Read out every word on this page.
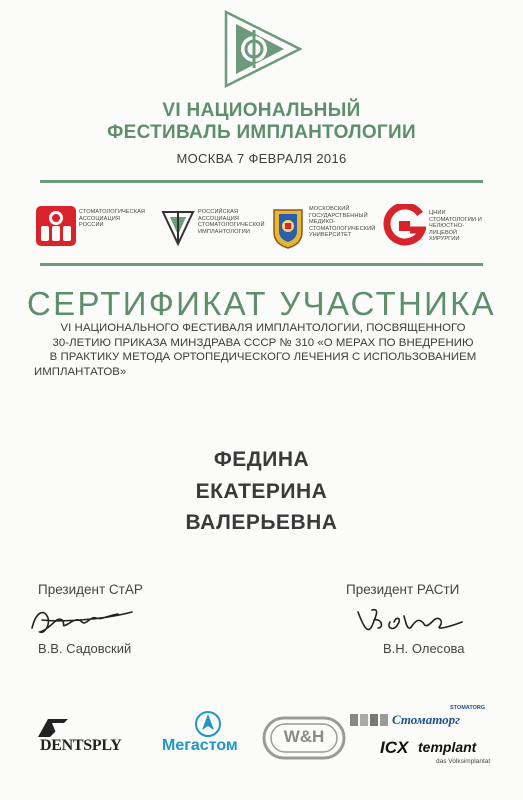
VI НАЦИОНАЛЬНЫЙ
ФЕСТИВАЛЬ ИМПЛАНТОЛОГИИ
МОСКВА 7 ФЕВРАЛЯ 2016
СТОМАТОЛОГИЧЕСКАЯ
АССОЦИАЦИЯ
РОССИИ
РОССИЙСКАЯ
АССОЦИАЦИЯ
СТОМАТОЛОГИЧЕСКОЙ
ИМПЛАНТОЛОГИИ
МОСКОВСКИЙ
ГОСУДАРСТВЕННЫЙ
МЕДИКО-
СТОМАТОЛОГИЧЕСКИЙ
УНИВЕРСИТЕТ
ЦНИИ
СТОМАТОЛОГИИ И
ЧЕЛЮСТНО-ЛИЦЕВОЙ
ХИРУРГИИ
СЕРТИФИКАТ УЧАСТНИКА
VI НАЦИОНАЛЬНОГО ФЕСТИВАЛЯ ИМПЛАНТОЛОГИИ, ПОСВЯЩЕННОГО
30-ЛЕТИЮ ПРИКАЗА МИНЗДРАВА СССР № 310 «О МЕРАХ ПО ВНЕДРЕНИЮ
В ПРАКТИКУ МЕТОДА ОРТОПЕДИЧЕСКОГО ЛЕЧЕНИЯ С ИСПОЛЬЗОВАНИЕМ
ИМПЛАНТАТОВ»
ФЕДИНА
ЕКАТЕРИНА
ВАЛЕРЬЕВНА
Президент СтАР
В.В. Садовский
Президент РАСтИ
В.Н. Олесова
DENTSPLY	Мегастом	W&H
STOMATORG
Стоматорг
ICX templant
das Volksimplantat
